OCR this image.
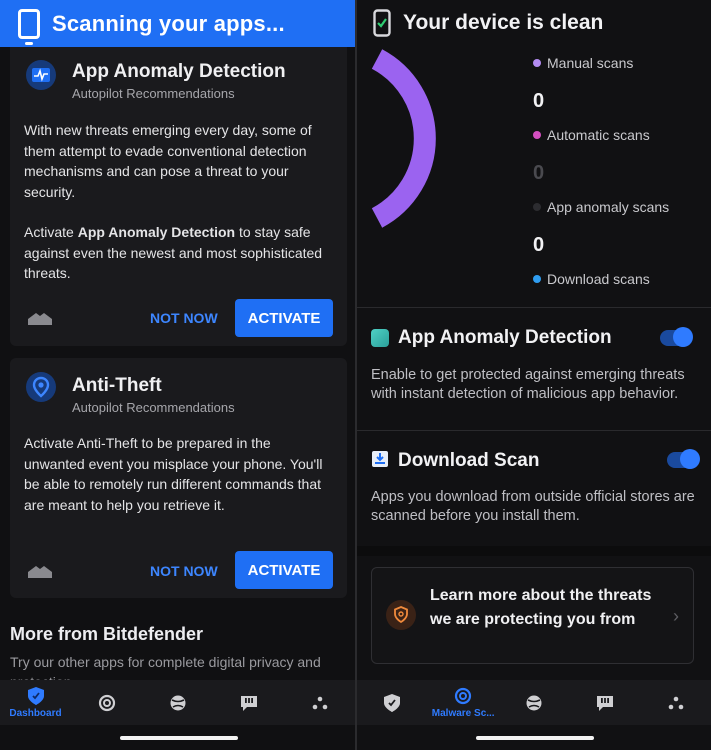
App Anomaly Detection
Autopilot Recommendations
With new threats emerging every day, some of them attempt to evade conventional detection mechanisms and can pose a threat to your security.
Activate App Anomaly Detection to stay safe against even the newest and most sophisticated threats.
NOT NOW	ACTIVATE
Scanning your apps...
Anti-Theft
Autopilot Recommendations
Activate Anti-Theft to be prepared in the unwanted event you misplace your phone. You'll be able to remotely run different commands that are meant to help you retrieve it.
NOT NOW	ACTIVATE
More from Bitdefender
Try our other apps for complete digital privacy and
Dashboard
Your device is clean
Manual scans
0
Automatic scans
0
App anomaly scans
0
Download scans
App Anomaly Detection
Enable to get protected against emerging threats with instant detection of malicious app behavior.
Download Scan
Apps you download from outside official stores are scanned before you install them.
Learn more about the threats we are protecting you from	›
Malware Sc...
